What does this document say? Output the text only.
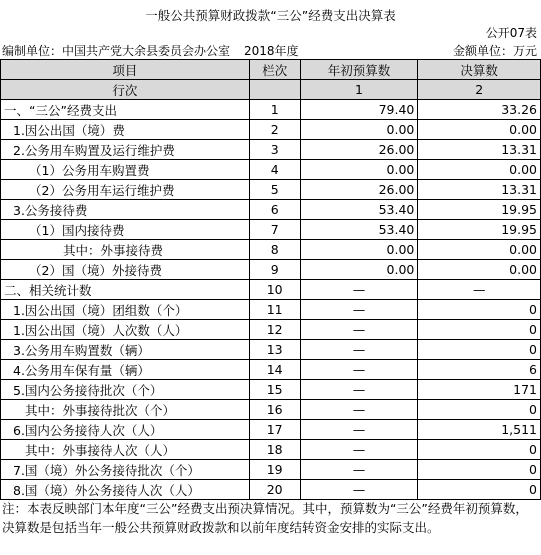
一般公共预算财政拨款“三公”经费支出决算表
公开07表
编制单位：中国共产党大余县委员会办公室 2018年度	金额单位：万元
项目	栏次	年初预算数	决算数
行次		1	2
一、“三公”经费支出	1	79.40	33.26
1.因公出国（境）费	2	0.00	0.00
2.公务用车购置及运行维护费	3	26.00	13.31
（1）公务用车购置费	4	0.00	0.00
（2）公务用车运行维护费	5	26.00	13.31
3.公务接待费	6	53.40	19.95
（1）国内接待费	7	53.40	19.95
其中：外事接待费	8	0.00	0.00
（2）国（境）外接待费	9	0.00	0.00
二、相关统计数	10	—	—
1.因公出国（境）团组数（个）	11	—	0
1.因公出国（境）人次数（人）	12	—	0
3.公务用车购置数（辆）	13	—	0
4.公务用车保有量（辆）	14	—	6
5.国内公务接待批次（个）	15	—	171
其中：外事接待批次（个）	16	—	0
6.国内公务接待人次（人）	17	—	1,511
其中：外事接待人次（人）	18	—	0
7.国（境）外公务接待批次（个）	19	—	0
8.国（境）外公务接待人次（人）	20	—	0
注：本表反映部门本年度“三公”经费支出预决算情况。其中，预算数为“三公”经费年初预算数，决算数是包括当年一般公共预算财政拨款和以前年度结转资金安排的实际支出。
